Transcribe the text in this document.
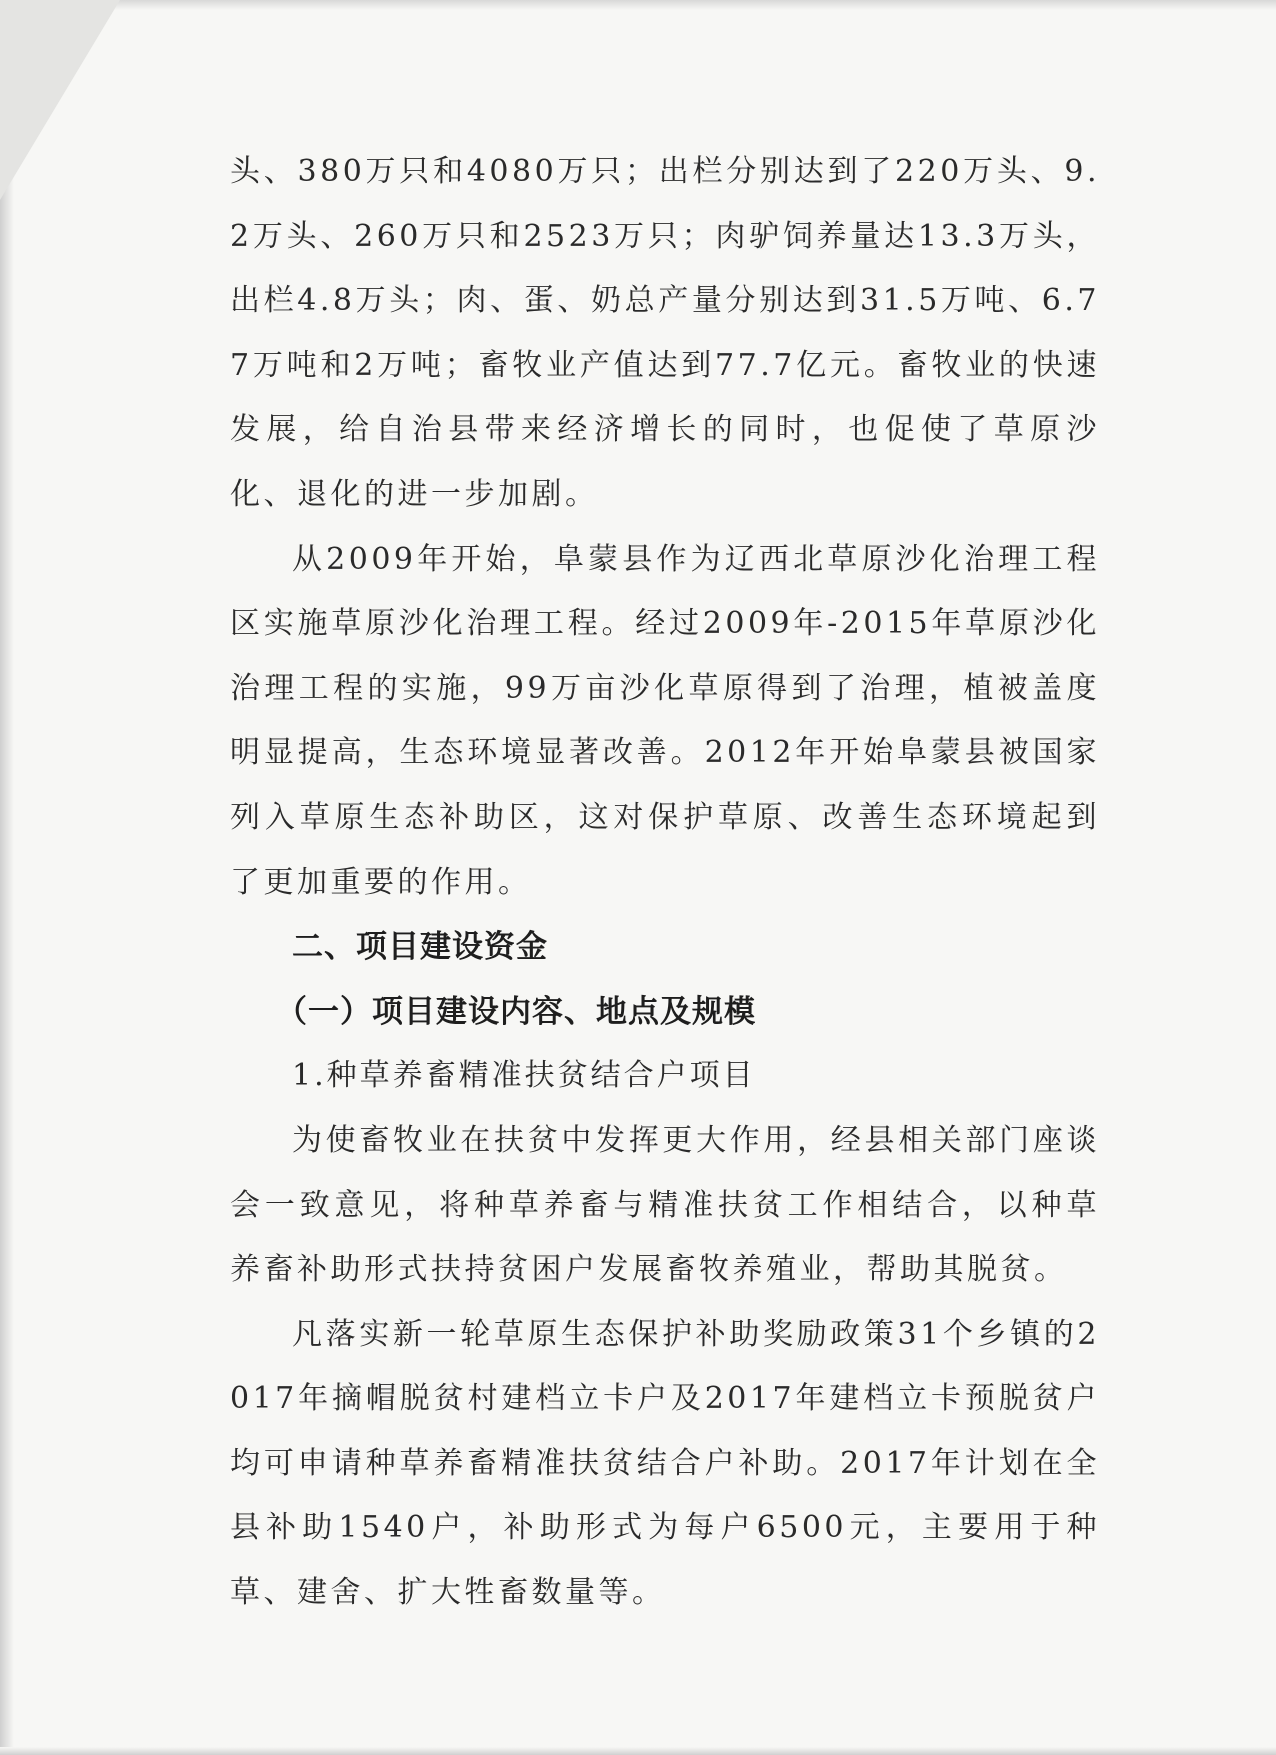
头、380万只和4080万只；出栏分别达到了220万头、9.2万头、260万只和2523万只；肉驴饲养量达13.3万头，出栏4.8万头；肉、蛋、奶总产量分别达到31.5万吨、6.77万吨和2万吨；畜牧业产值达到77.7亿元。畜牧业的快速发展，给自治县带来经济增长的同时，也促使了草原沙化、退化的进一步加剧。

从2009年开始，阜蒙县作为辽西北草原沙化治理工程区实施草原沙化治理工程。经过2009年-2015年草原沙化治理工程的实施，99万亩沙化草原得到了治理，植被盖度明显提高，生态环境显著改善。2012年开始阜蒙县被国家列入草原生态补助区，这对保护草原、改善生态环境起到了更加重要的作用。

二、项目建设资金

（一）项目建设内容、地点及规模

1.种草养畜精准扶贫结合户项目

为使畜牧业在扶贫中发挥更大作用，经县相关部门座谈会一致意见，将种草养畜与精准扶贫工作相结合，以种草养畜补助形式扶持贫困户发展畜牧养殖业，帮助其脱贫。

凡落实新一轮草原生态保护补助奖励政策31个乡镇的2017年摘帽脱贫村建档立卡户及2017年建档立卡预脱贫户均可申请种草养畜精准扶贫结合户补助。2017年计划在全县补助1540户，补助形式为每户6500元，主要用于种草、建舍、扩大牲畜数量等。
